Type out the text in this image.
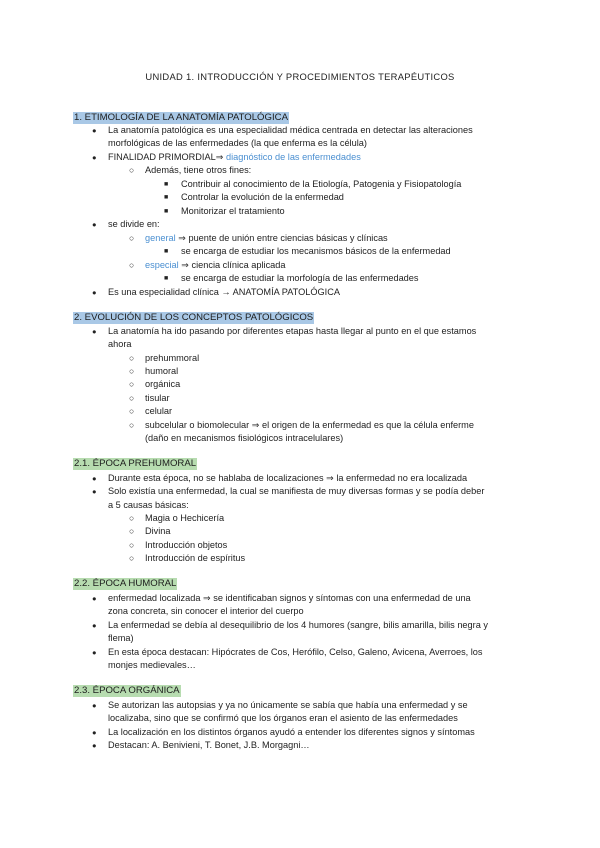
UNIDAD 1. INTRODUCCIÓN Y PROCEDIMIENTOS TERAPÉUTICOS
1. ETIMOLOGÍA DE LA ANATOMÍA PATOLÓGICA
●
La anatomía patológica es una especialidad médica centrada en detectar las alteraciones
morfológicas de las enfermedades (la que enferma es la célula)
●
FINALIDAD PRIMORDIAL⇒ diagnóstico de las enfermedades
○
Además, tiene otros fines:
■
Contribuir al conocimiento de la Etiología, Patogenia y Fisiopatología
■
Controlar la evolución de la enfermedad
■
Monitorizar el tratamiento
●
se divide en:
○
general ⇒ puente de unión entre ciencias básicas y clínicas
■
se encarga de estudiar los mecanismos básicos de la enfermedad
○
especial ⇒ ciencia clínica aplicada
■
se encarga de estudiar la morfología de las enfermedades
●
Es una especialidad clínica → ANATOMÍA PATOLÓGICA
2. EVOLUCIÓN DE LOS CONCEPTOS PATOLÓGICOS
●
La anatomía ha ido pasando por diferentes etapas hasta llegar al punto en el que estamos
ahora
○
prehummoral
○
humoral
○
orgánica
○
tisular
○
celular
○
subcelular o biomolecular ⇒ el origen de la enfermedad es que la célula enferme
(daño en mecanismos fisiológicos intracelulares)
2.1. ÉPOCA PREHUMORAL
●
Durante esta época, no se hablaba de localizaciones ⇒ la enfermedad no era localizada
●
Solo existía una enfermedad, la cual se manifiesta de muy diversas formas y se podía deber
a 5 causas básicas:
○
Magia o Hechicería
○
Divina
○
Introducción objetos
○
Introducción de espíritus
2.2. ÉPOCA HUMORAL
●
enfermedad localizada ⇒ se identificaban signos y síntomas con una enfermedad de una
zona concreta, sin conocer el interior del cuerpo
●
La enfermedad se debía al desequilibrio de los 4 humores (sangre, bilis amarilla, bilis negra y
flema)
●
En esta época destacan: Hipócrates de Cos, Herófilo, Celso, Galeno, Avicena, Averroes, los
monjes medievales…
2.3. ÉPOCA ORGÁNICA
●
Se autorizan las autopsias y ya no únicamente se sabía que había una enfermedad y se
localizaba, sino que se confirmó que los órganos eran el asiento de las enfermedades
●
La localización en los distintos órganos ayudó a entender los diferentes signos y síntomas
●
Destacan: A. Benivieni, T. Bonet, J.B. Morgagni…
